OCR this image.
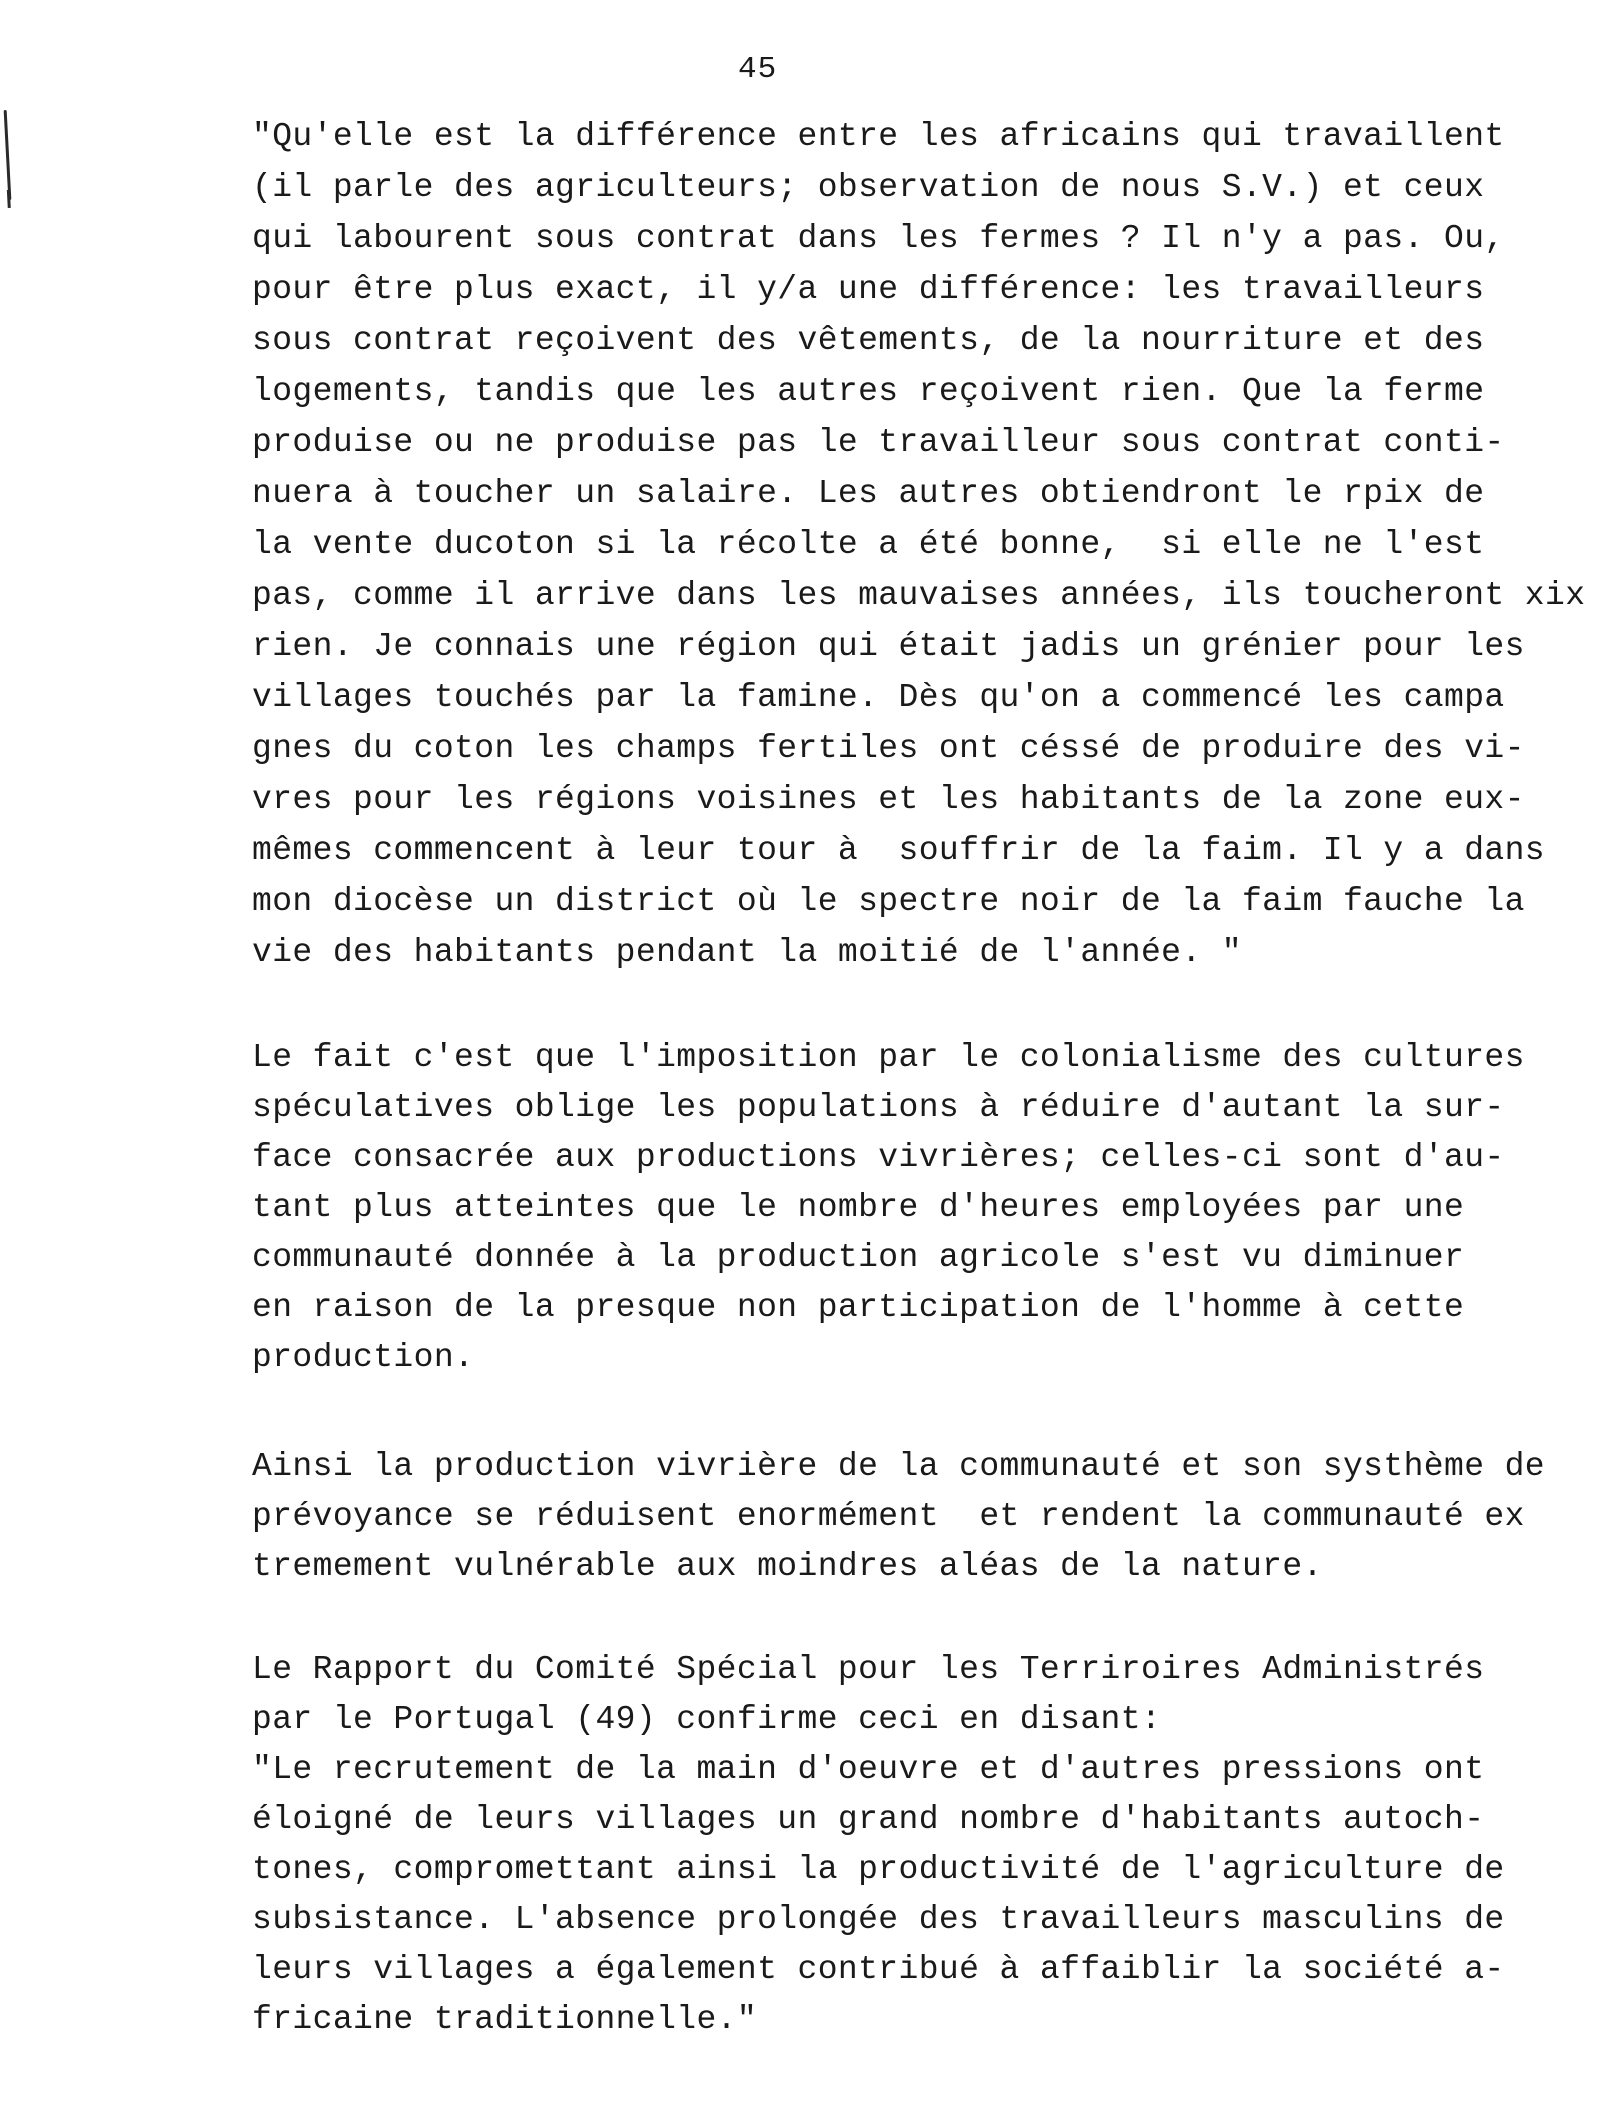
45
"Qu'elle est la différence entre les africains qui travaillent
(il parle des agriculteurs; observation de nous S.V.) et ceux
qui labourent sous contrat dans les fermes ? Il n'y a pas. Ou,
pour être plus exact, il y/a une différence: les travailleurs
sous contrat reçoivent des vêtements, de la nourriture et des
logements, tandis que les autres reçoivent rien. Que la ferme
produise ou ne produise pas le travailleur sous contrat conti-
nuera à toucher un salaire. Les autres obtiendront le rpix de
la vente ducoton si la récolte a été bonne,  si elle ne l'est
pas, comme il arrive dans les mauvaises années, ils toucheront xix
rien. Je connais une région qui était jadis un grénier pour les
villages touchés par la famine. Dès qu'on a commencé les campa
gnes du coton les champs fertiles ont céssé de produire des vi-
vres pour les régions voisines et les habitants de la zone eux-
mêmes commencent à leur tour à  souffrir de la faim. Il y a dans
mon diocèse un district où le spectre noir de la faim fauche la
vie des habitants pendant la moitié de l'année. "
Le fait c'est que l'imposition par le colonialisme des cultures
spéculatives oblige les populations à réduire d'autant la sur-
face consacrée aux productions vivrières; celles-ci sont d'au-
tant plus atteintes que le nombre d'heures employées par une
communauté donnée à la production agricole s'est vu diminuer
en raison de la presque non participation de l'homme à cette
production.
Ainsi la production vivrière de la communauté et son systhème de
prévoyance se réduisent enormément  et rendent la communauté ex
tremement vulnérable aux moindres aléas de la nature.
Le Rapport du Comité Spécial pour les Terriroires Administrés
par le Portugal (49) confirme ceci en disant:
"Le recrutement de la main d'oeuvre et d'autres pressions ont
éloigné de leurs villages un grand nombre d'habitants autoch-
tones, compromettant ainsi la productivité de l'agriculture de
subsistance. L'absence prolongée des travailleurs masculins de
leurs villages a également contribué à affaiblir la société a-
fricaine traditionnelle."
